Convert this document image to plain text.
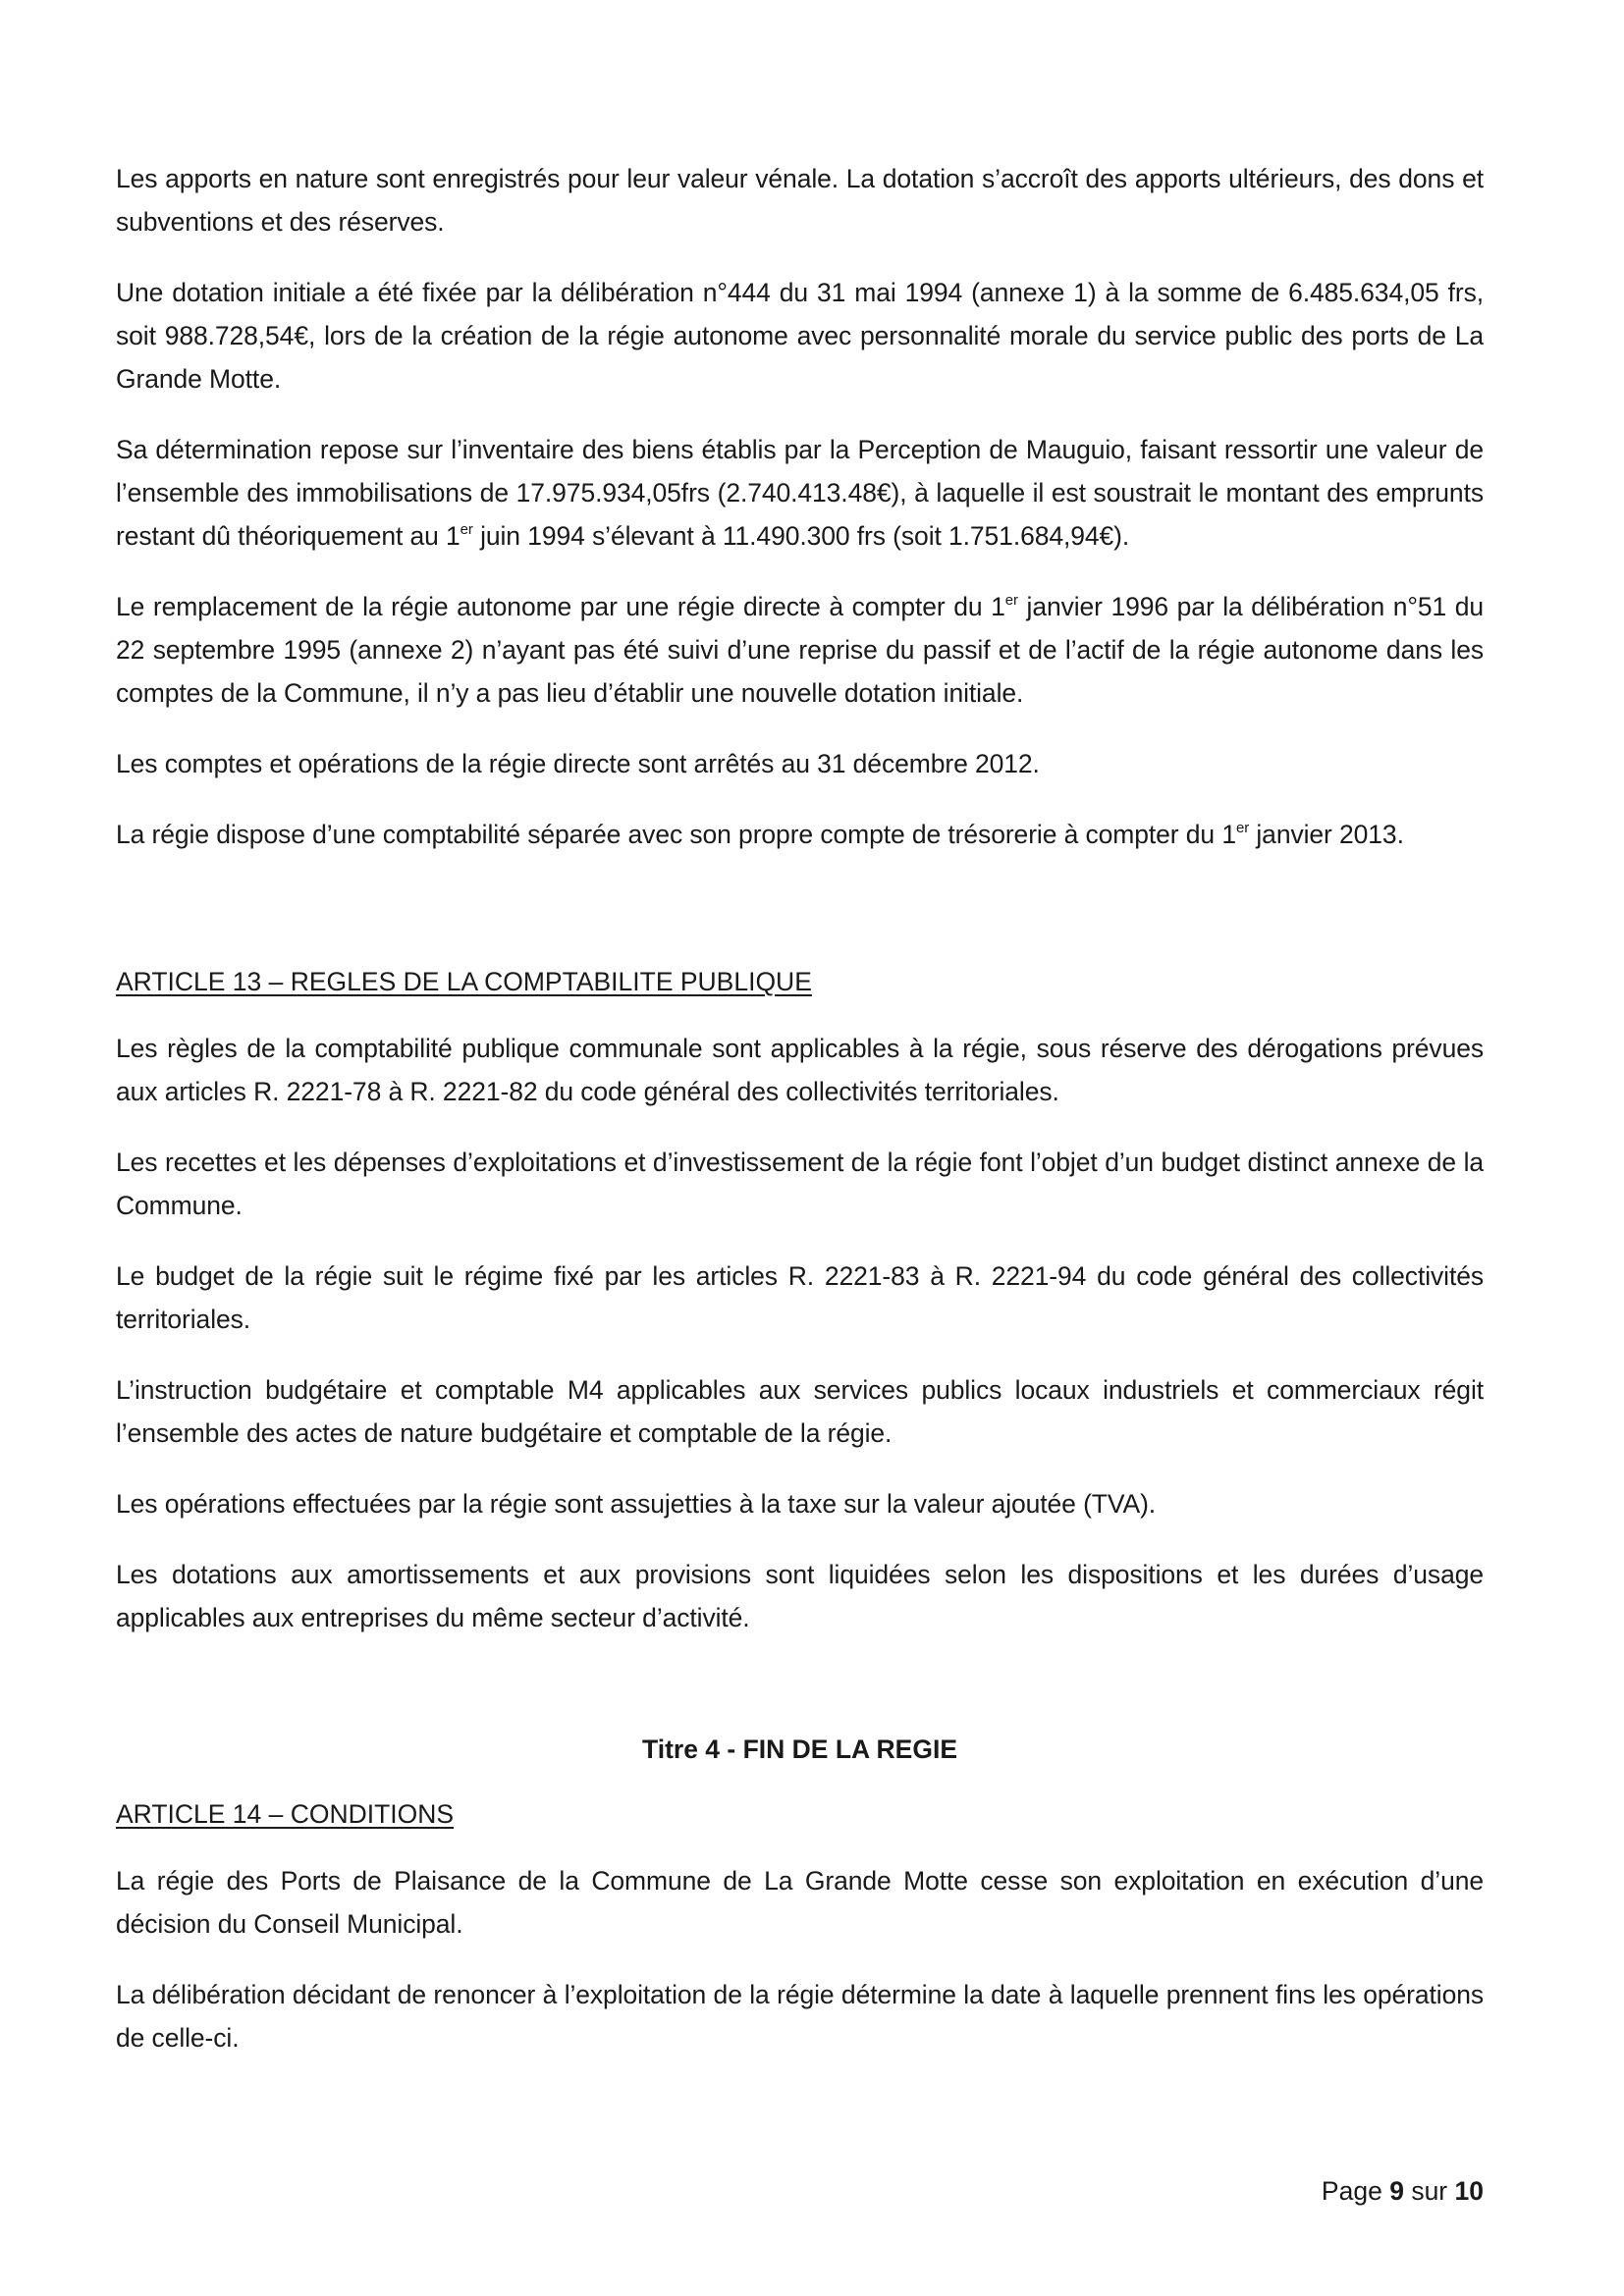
Les apports en nature sont enregistrés pour leur valeur vénale. La dotation s’accroît des apports ultérieurs, des dons et subventions et des réserves.

Une dotation initiale a été fixée par la délibération n°444 du 31 mai 1994 (annexe 1) à la somme de 6.485.634,05 frs, soit 988.728,54€, lors de la création de la régie autonome avec personnalité morale du service public des ports de La Grande Motte.

Sa détermination repose sur l’inventaire des biens établis par la Perception de Mauguio, faisant ressortir une valeur de l’ensemble des immobilisations de 17.975.934,05frs (2.740.413.48€), à laquelle il est soustrait le montant des emprunts restant dû théoriquement au 1er juin 1994 s’élevant à 11.490.300 frs (soit 1.751.684,94€).

Le remplacement de la régie autonome par une régie directe à compter du 1er janvier 1996 par la délibération n°51 du 22 septembre 1995 (annexe 2) n’ayant pas été suivi d’une reprise du passif et de l’actif de la régie autonome dans les comptes de la Commune, il n’y a pas lieu d’établir une nouvelle dotation initiale.

Les comptes et opérations de la régie directe sont arrêtés au 31 décembre 2012.

La régie dispose d’une comptabilité séparée avec son propre compte de trésorerie à compter du 1er janvier 2013.

ARTICLE 13 – REGLES DE LA COMPTABILITE PUBLIQUE

Les règles de la comptabilité publique communale sont applicables à la régie, sous réserve des dérogations prévues aux articles R. 2221-78 à R. 2221-82 du code général des collectivités territoriales.

Les recettes et les dépenses d’exploitations et d’investissement de la régie font l’objet d’un budget distinct annexe de la Commune.

Le budget de la régie suit le régime fixé par les articles R. 2221-83 à R. 2221-94 du code général des collectivités territoriales.

L’instruction budgétaire et comptable M4 applicables aux services publics locaux industriels et commerciaux régit l’ensemble des actes de nature budgétaire et comptable de la régie.

Les opérations effectuées par la régie sont assujetties à la taxe sur la valeur ajoutée (TVA).

Les dotations aux amortissements et aux provisions sont liquidées selon les dispositions et les durées d’usage applicables aux entreprises du même secteur d’activité.

Titre 4 - FIN DE LA REGIE
ARTICLE 14 – CONDITIONS

La régie des Ports de Plaisance de la Commune de La Grande Motte cesse son exploitation en exécution d’une décision du Conseil Municipal.

La délibération décidant de renoncer à l’exploitation de la régie détermine la date à laquelle prennent fins les opérations de celle-ci.

Page 9 sur 10
